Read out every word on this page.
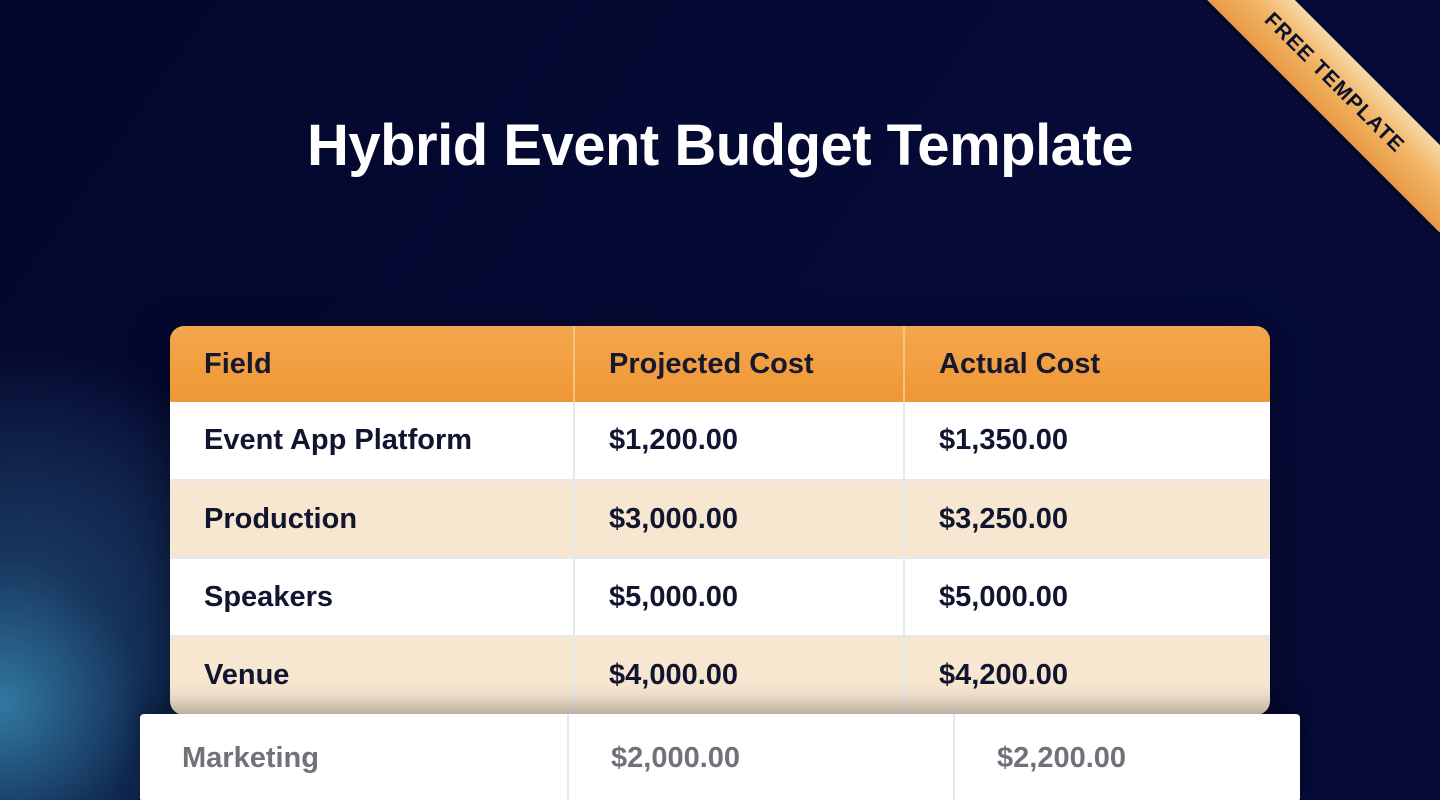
FREE TEMPLATE
Hybrid Event Budget Template
Field	Projected Cost	Actual Cost
Event App Platform	$1,200.00	$1,350.00
Production	$3,000.00	$3,250.00
Speakers	$5,000.00	$5,000.00
Venue	$4,000.00	$4,200.00
Marketing	$2,000.00	$2,200.00
